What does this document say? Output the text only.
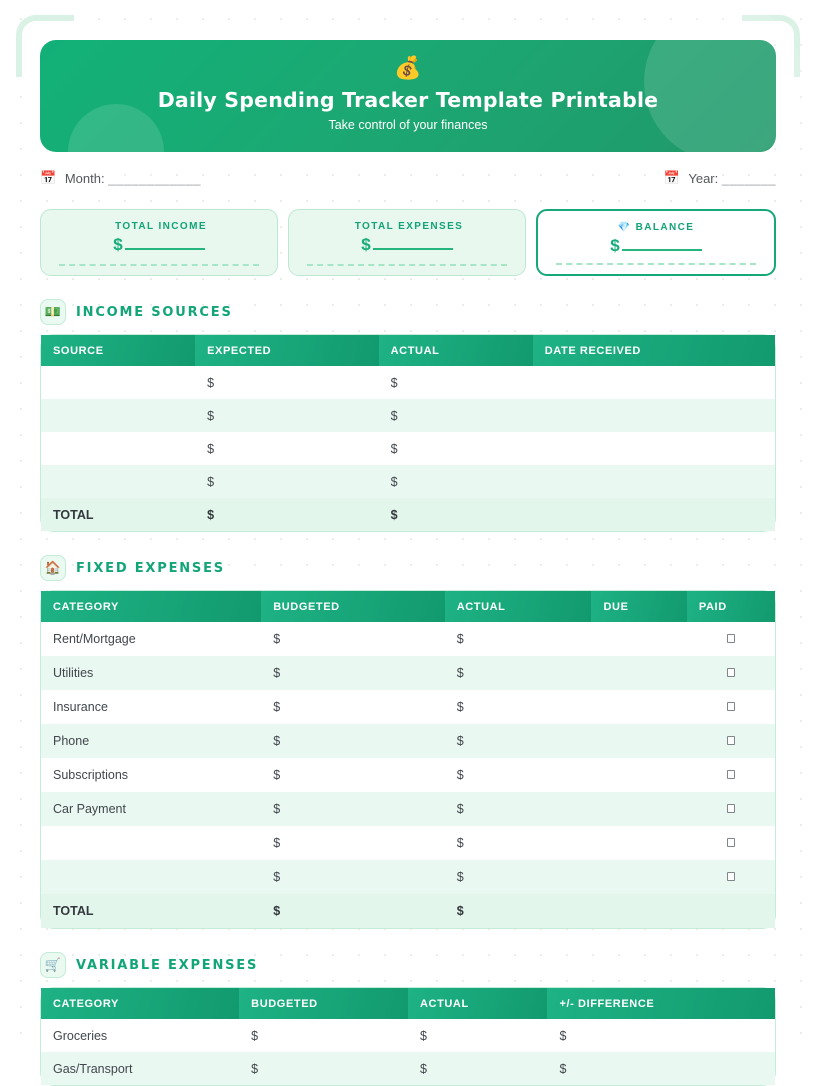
💰
Daily Spending Tracker Template Printable

Take control of your finances

📅 Month: ____________	📅 Year: _______
TOTAL INCOME
$
TOTAL EXPENSES
$
💎 BALANCE
$
💵	INCOME SOURCES
SOURCE	EXPECTED	ACTUAL	DATE RECEIVED
	$	$	
	$	$	
	$	$	
	$	$	
TOTAL	$	$	
🏠	FIXED EXPENSES
CATEGORY	BUDGETED	ACTUAL	DUE	PAID
Rent/Mortgage	$	$		
Utilities	$	$		
Insurance	$	$		
Phone	$	$		
Subscriptions	$	$		
Car Payment	$	$		
	$	$		
	$	$		
TOTAL	$	$		
🛒	VARIABLE EXPENSES
CATEGORY	BUDGETED	ACTUAL	+/- DIFFERENCE
Groceries	$	$	$
Gas/Transport	$	$	$
